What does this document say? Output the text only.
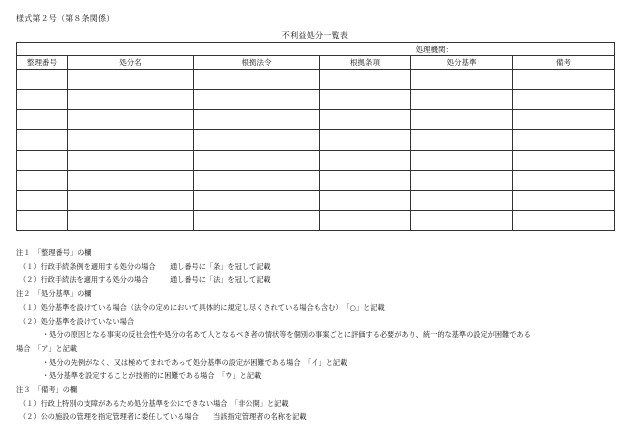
様式第２号（第８条関係）
不利益処分一覧表
				処理機関：	
整理番号	処分名	根拠法令	根拠条項	処分基準	備考

注１　「整理番号」の欄
（１）行政手続条例を適用する処分の場合　　通し番号に「条」を冠して記載
（２）行政手続法を適用する処分の場合　　　通し番号に「法」を冠して記載
注２　「処分基準」の欄
（１）処分基準を設けている場合（法令の定めにおいて具体的に規定し尽くされている場合も含む）　「○」と記載
（２）処分基準を設けていない場合
・処分の原因となる事実の反社会性や処分の名あて人となるべき者の情状等を個別の事案ごとに評価する必要があり、統一的な基準の設定が困難である
場合　「ア」と記載
・処分の先例がなく、又は極めてまれであって処分基準の設定が困難である場合　「イ」と記載
・処分基準を設定することが技術的に困難である場合　「ウ」と記載
注３　「備考」の欄
（１）行政上特別の支障があるため処分基準を公にできない場合　「非公開」と記載
（２）公の施設の管理を指定管理者に委任している場合　　当該指定管理者の名称を記載
